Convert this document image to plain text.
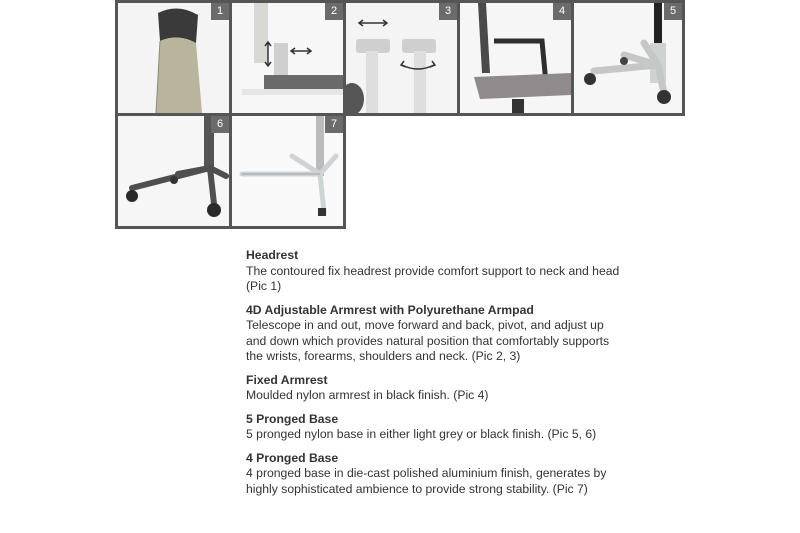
1	2	3	4	5
6	7
Headrest

The contoured fix headrest provide comfort support to neck and head (Pic 1)

4D Adjustable Armrest with Polyurethane Armpad

Telescope in and out, move forward and back, pivot, and adjust up and down which provides natural position that comfortably supports the wrists, forearms, shoulders and neck. (Pic 2, 3)

Fixed Armrest

Moulded nylon armrest in black finish. (Pic 4)

5 Pronged Base

5 pronged nylon base in either light grey or black finish. (Pic 5, 6)

4 Pronged Base

4 pronged base in die-cast polished aluminium finish, generates by highly sophisticated ambience to provide strong stability. (Pic 7)
